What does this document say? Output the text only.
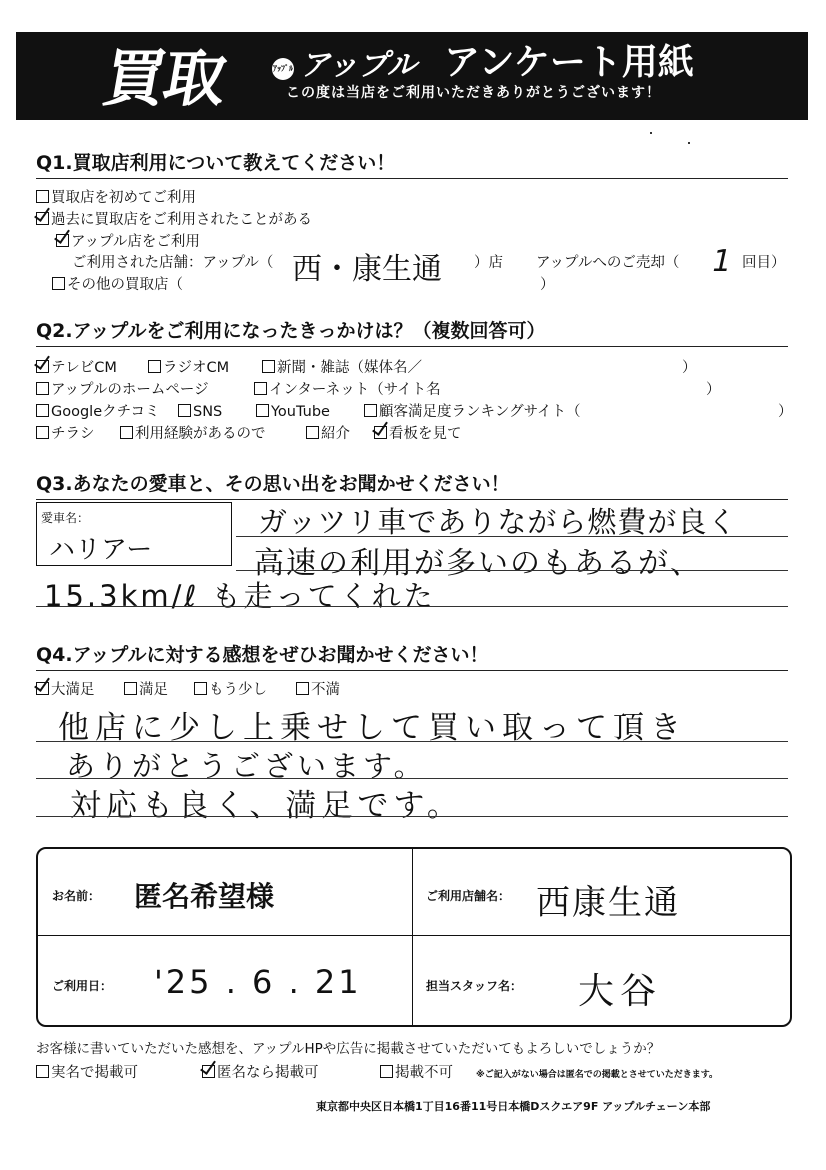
買取	ｱｯﾌﾟﾙ アップル アンケート用紙
この度は当店をご利用いただきありがとうございます！
Q1.買取店利用について教えてください！
買取店を初めてご利用
過去に買取店をご利用されたことがある
アップル店をご利用
ご利用された店舗：アップル（ 西・康生通 ）店 アップルへのご売却（ 1 回目）
その他の買取店（	）
Q2.アップルをご利用になったきっかけは？（複数回答可）
テレビCM	ラジオCM	新聞・雑誌（媒体名／	）
アップルのホームページ	インターネット（サイト名	）
Googleクチコミ	SNS	YouTube	顧客満足度ランキングサイト（	）
チラシ	利用経験があるので	紹介	看板を見て
Q3.あなたの愛車と、その思い出をお聞かせください！
愛車名：
ハリアー
ガッツリ車でありながら燃費が良く
高速の利用が多いのもあるが、
15.3km/ℓ も走ってくれた
Q4.アップルに対する感想をぜひお聞かせください！
大満足	満足	もう少し	不満
他店に少し上乗せして買い取って頂き
ありがとうございます。
対応も良く、満足です。
お名前： 匿名希望様	ご利用店舗名： 西康生通
ご利用日： '25 . 6 . 21	担当スタッフ名： 大谷
お客様に書いていただいた感想を、アップルHPや広告に掲載させていただいてもよろしいでしょうか？
実名で掲載可	匿名なら掲載可	掲載不可	※ご記入がない場合は匿名での掲載とさせていただきます。
東京都中央区日本橋1丁目16番11号日本橋Dスクエア9F アップルチェーン本部
